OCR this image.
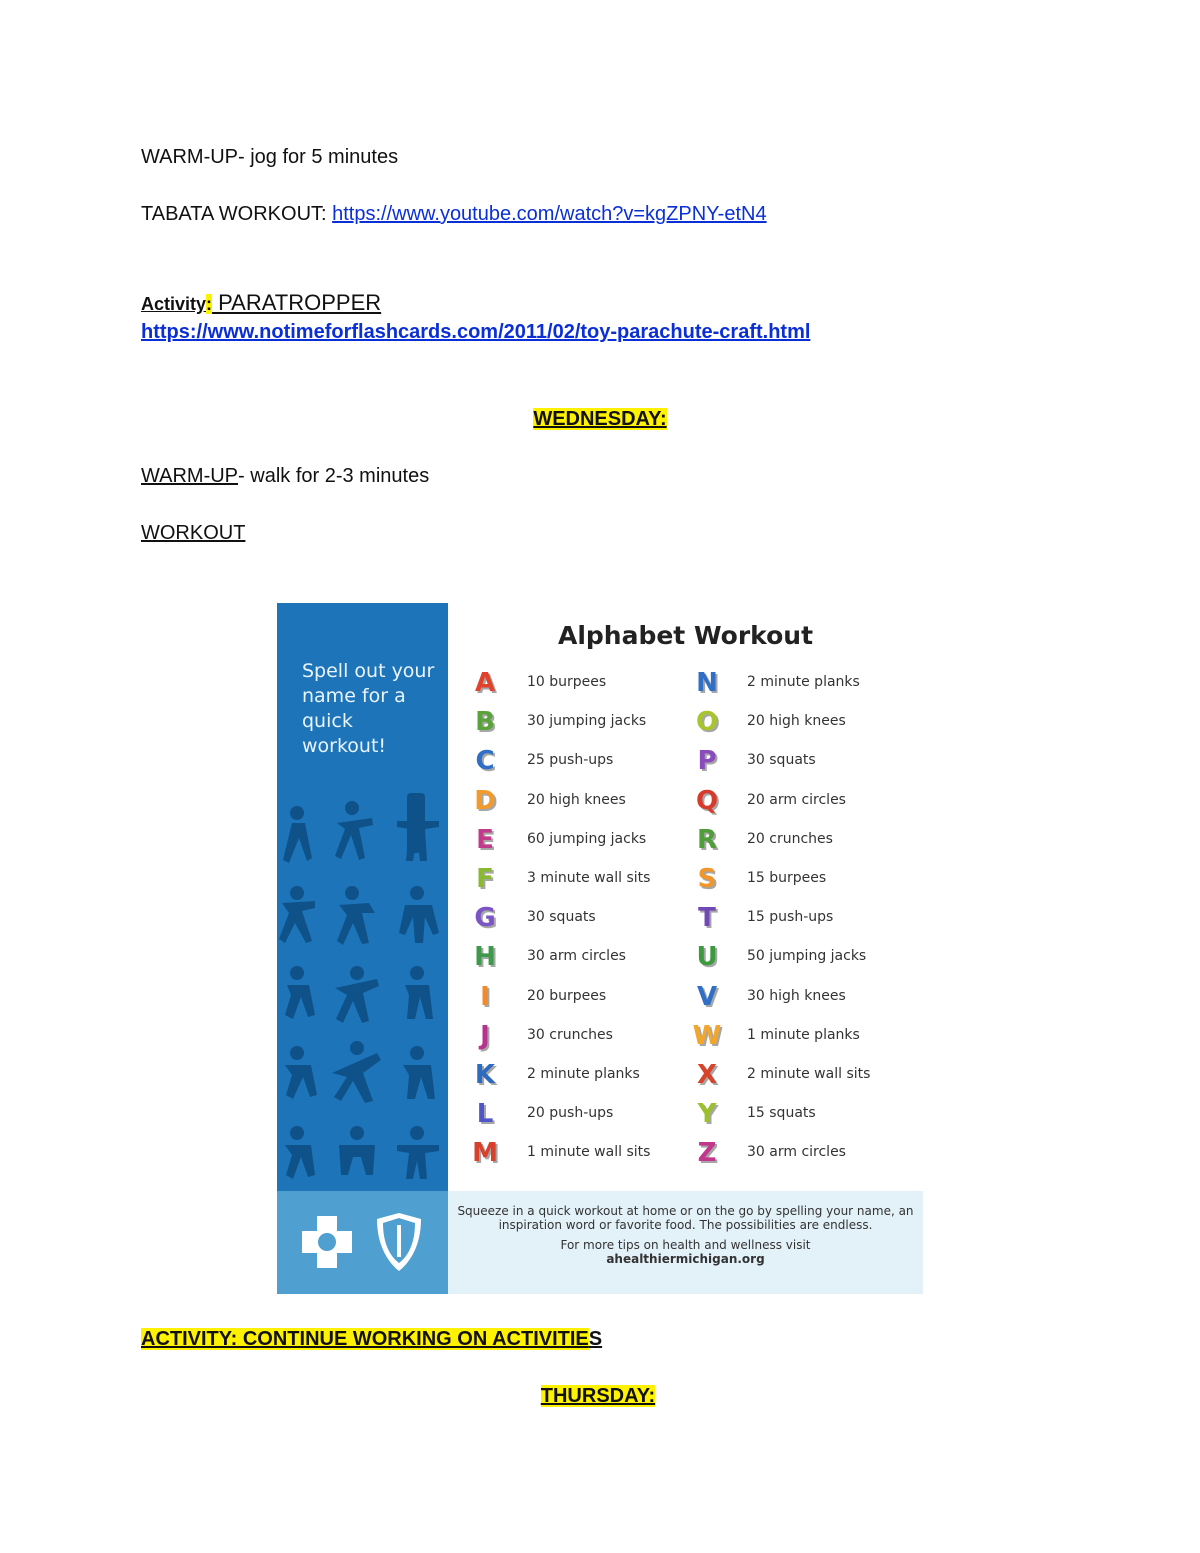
WARM-UP- jog for 5 minutes
TABATA WORKOUT: https://www.youtube.com/watch?v=kgZPNY-etN4
Activity: PARATROPPER
https://www.notimeforflashcards.com/2011/02/toy-parachute-craft.html
WEDNESDAY:
WARM-UP- walk for 2-3 minutes
WORKOUT
Spell out your name for a quick workout!
Alphabet Workout
A	10 burpees
B	30 jumping jacks
C	25 push-ups
D	20 high knees
E	60 jumping jacks
F	3 minute wall sits
G	30 squats
H	30 arm circles
I	20 burpees
J	30 crunches
K	2 minute planks
L	20 push-ups
M 1 minute wall sits
N	2 minute planks
O	20 high knees
P	30 squats
Q	20 arm circles
R	20 crunches
S	15 burpees
T	15 push-ups
U	50 jumping jacks
V	30 high knees
W 1 minute planks
X	2 minute wall sits
Y	15 squats
Z	30 arm circles

Squeeze in a quick workout at home or on the go by spelling your name, an inspiration word or favorite food. The possibilities are endless.

For more tips on health and wellness visit

ahealthiermichigan.org

ACTIVITY: CONTINUE WORKING ON ACTIVITIES
THURSDAY:
